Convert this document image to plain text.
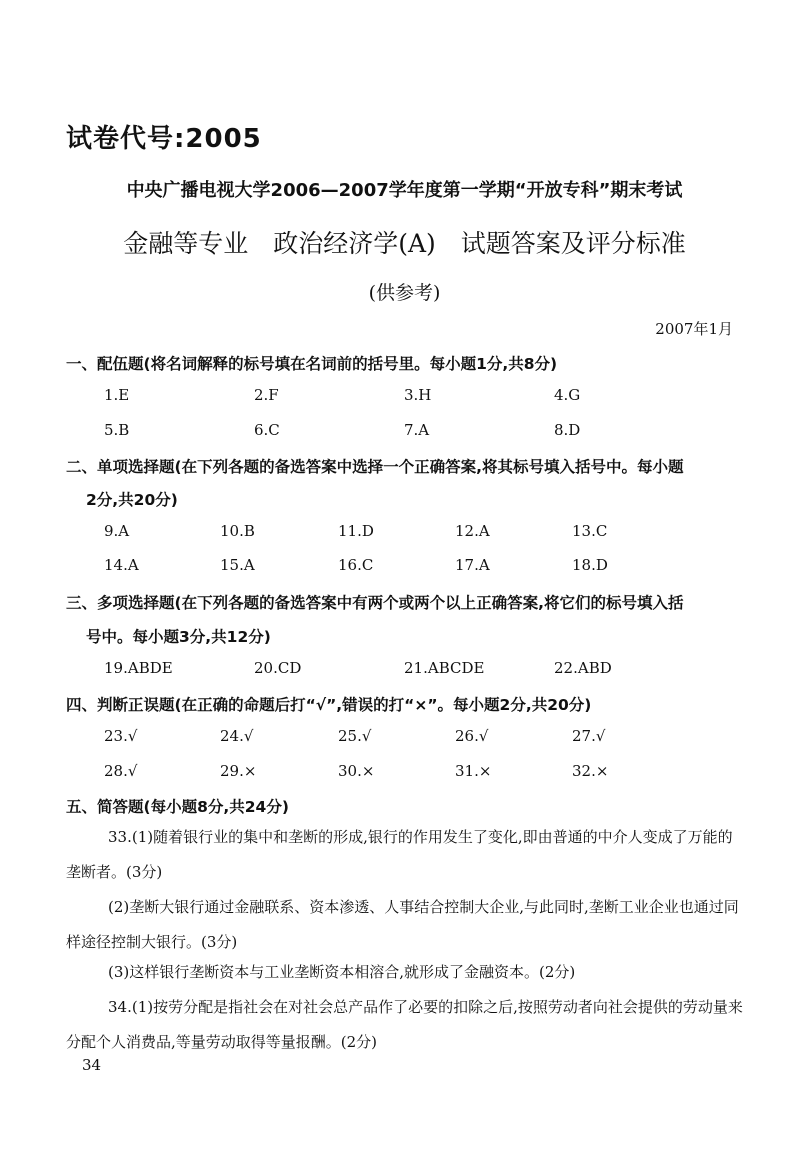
试卷代号:2005
中央广播电视大学2006—2007学年度第一学期“开放专科”期末考试
金融等专业　政治经济学(A)　试题答案及评分标准
(供参考)
2007年1月
一、配伍题(将名词解释的标号填在名词前的括号里。每小题1分,共8分)
1.E	2.F	3.H	4.G
5.B	6.C	7.A	8.D
二、单项选择题(在下列各题的备选答案中选择一个正确答案,将其标号填入括号中。每小题
2分,共20分)
9.A	10.B	11.D	12.A	13.C
14.A	15.A	16.C	17.A	18.D
三、多项选择题(在下列各题的备选答案中有两个或两个以上正确答案,将它们的标号填入括
号中。每小题3分,共12分)
19.ABDE	20.CD	21.ABCDE	22.ABD
四、判断正误题(在正确的命题后打“√”,错误的打“×”。每小题2分,共20分)
23.√	24.√	25.√	26.√	27.√
28.√	29.×	30.×	31.×	32.×
五、简答题(每小题8分,共24分)
33.(1)随着银行业的集中和垄断的形成,银行的作用发生了变化,即由普通的中介人变成了万能的垄断者。(3分)
(2)垄断大银行通过金融联系、资本渗透、人事结合控制大企业,与此同时,垄断工业企业也通过同样途径控制大银行。(3分)
(3)这样银行垄断资本与工业垄断资本相溶合,就形成了金融资本。(2分)
34.(1)按劳分配是指社会在对社会总产品作了必要的扣除之后,按照劳动者向社会提供的劳动量来分配个人消费品,等量劳动取得等量报酬。(2分)
34
